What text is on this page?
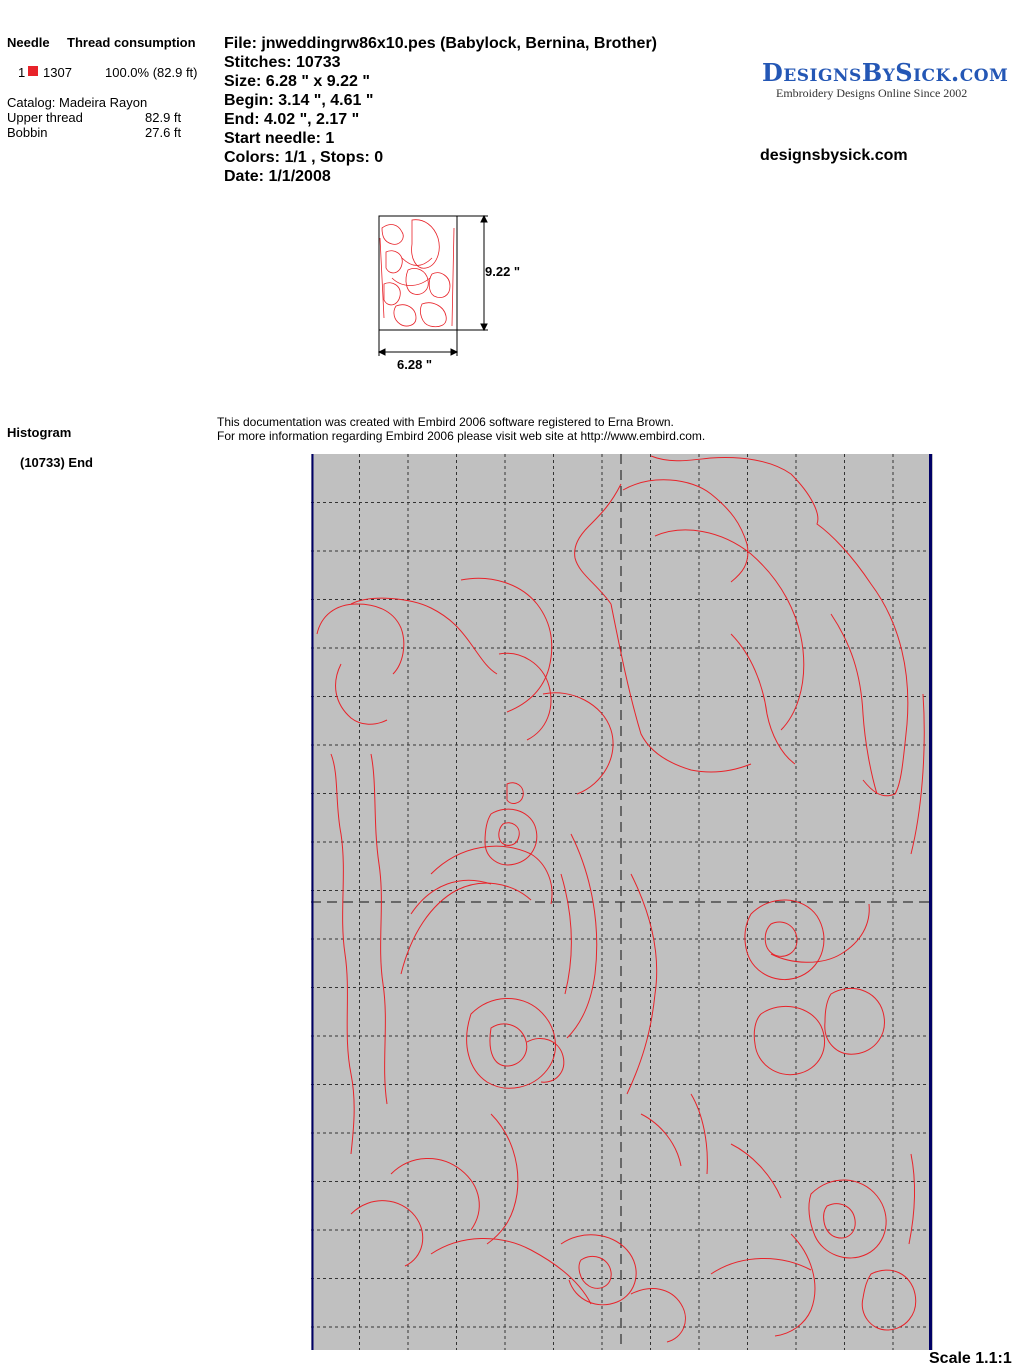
Needle Thread consumption
1 1307	100.0% (82.9 ft)
Catalog: Madeira Rayon
Upper thread	82.9 ft
Bobbin	27.6 ft
File: jnweddingrw86x10.pes (Babylock, Bernina, Brother)
Stitches: 10733
Size: 6.28 " x 9.22 "
Begin: 3.14 ", 4.61 "
End: 4.02 ", 2.17 "
Start needle: 1
Colors: 1/1 , Stops: 0
Date: 1/1/2008
DesignsBySick.com
Embroidery Designs Online Since 2002
designsbysick.com
9.22 "
6.28 "
This documentation was created with Embird 2006 software registered to Erna Brown.
For more information regarding Embird 2006 please visit web site at http://www.embird.com.
Histogram
(10733) End
Scale 1.1:1
